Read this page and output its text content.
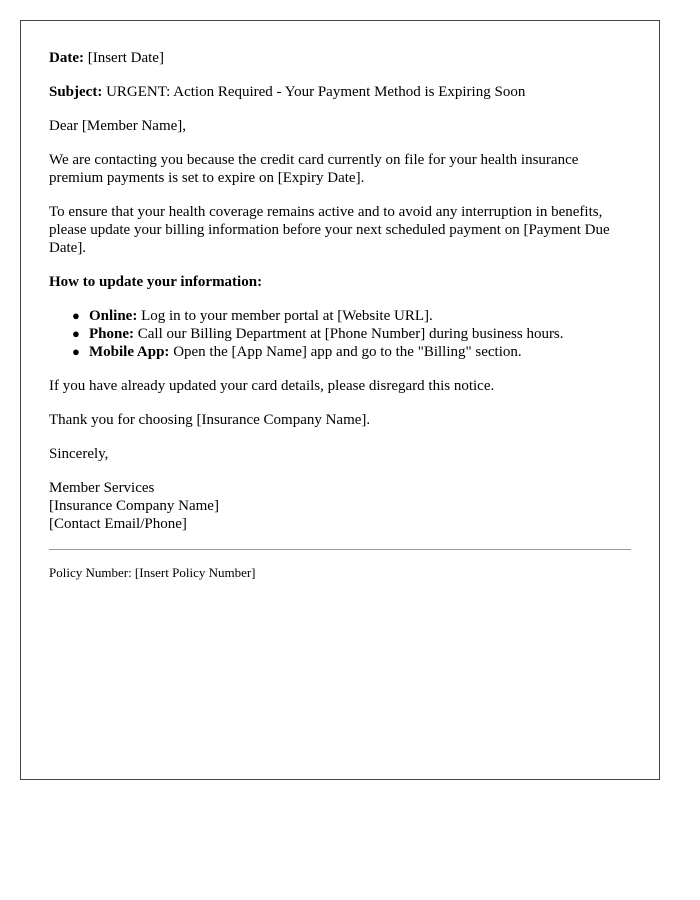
Date: [Insert Date]

Subject: URGENT: Action Required - Your Payment Method is Expiring Soon

Dear [Member Name],

We are contacting you because the credit card currently on file for your health insurance premium payments is set to expire on [Expiry Date].

To ensure that your health coverage remains active and to avoid any interruption in benefits, please update your billing information before your next scheduled payment on [Payment Due Date].

How to update your information:

● Online: Log in to your member portal at [Website URL].
● Phone: Call our Billing Department at [Phone Number] during business hours.
● Mobile App: Open the [App Name] app and go to the "Billing" section.

If you have already updated your card details, please disregard this notice.

Thank you for choosing [Insurance Company Name].

Sincerely,

Member Services
[Insurance Company Name]
[Contact Email/Phone]
Policy Number: [Insert Policy Number]
